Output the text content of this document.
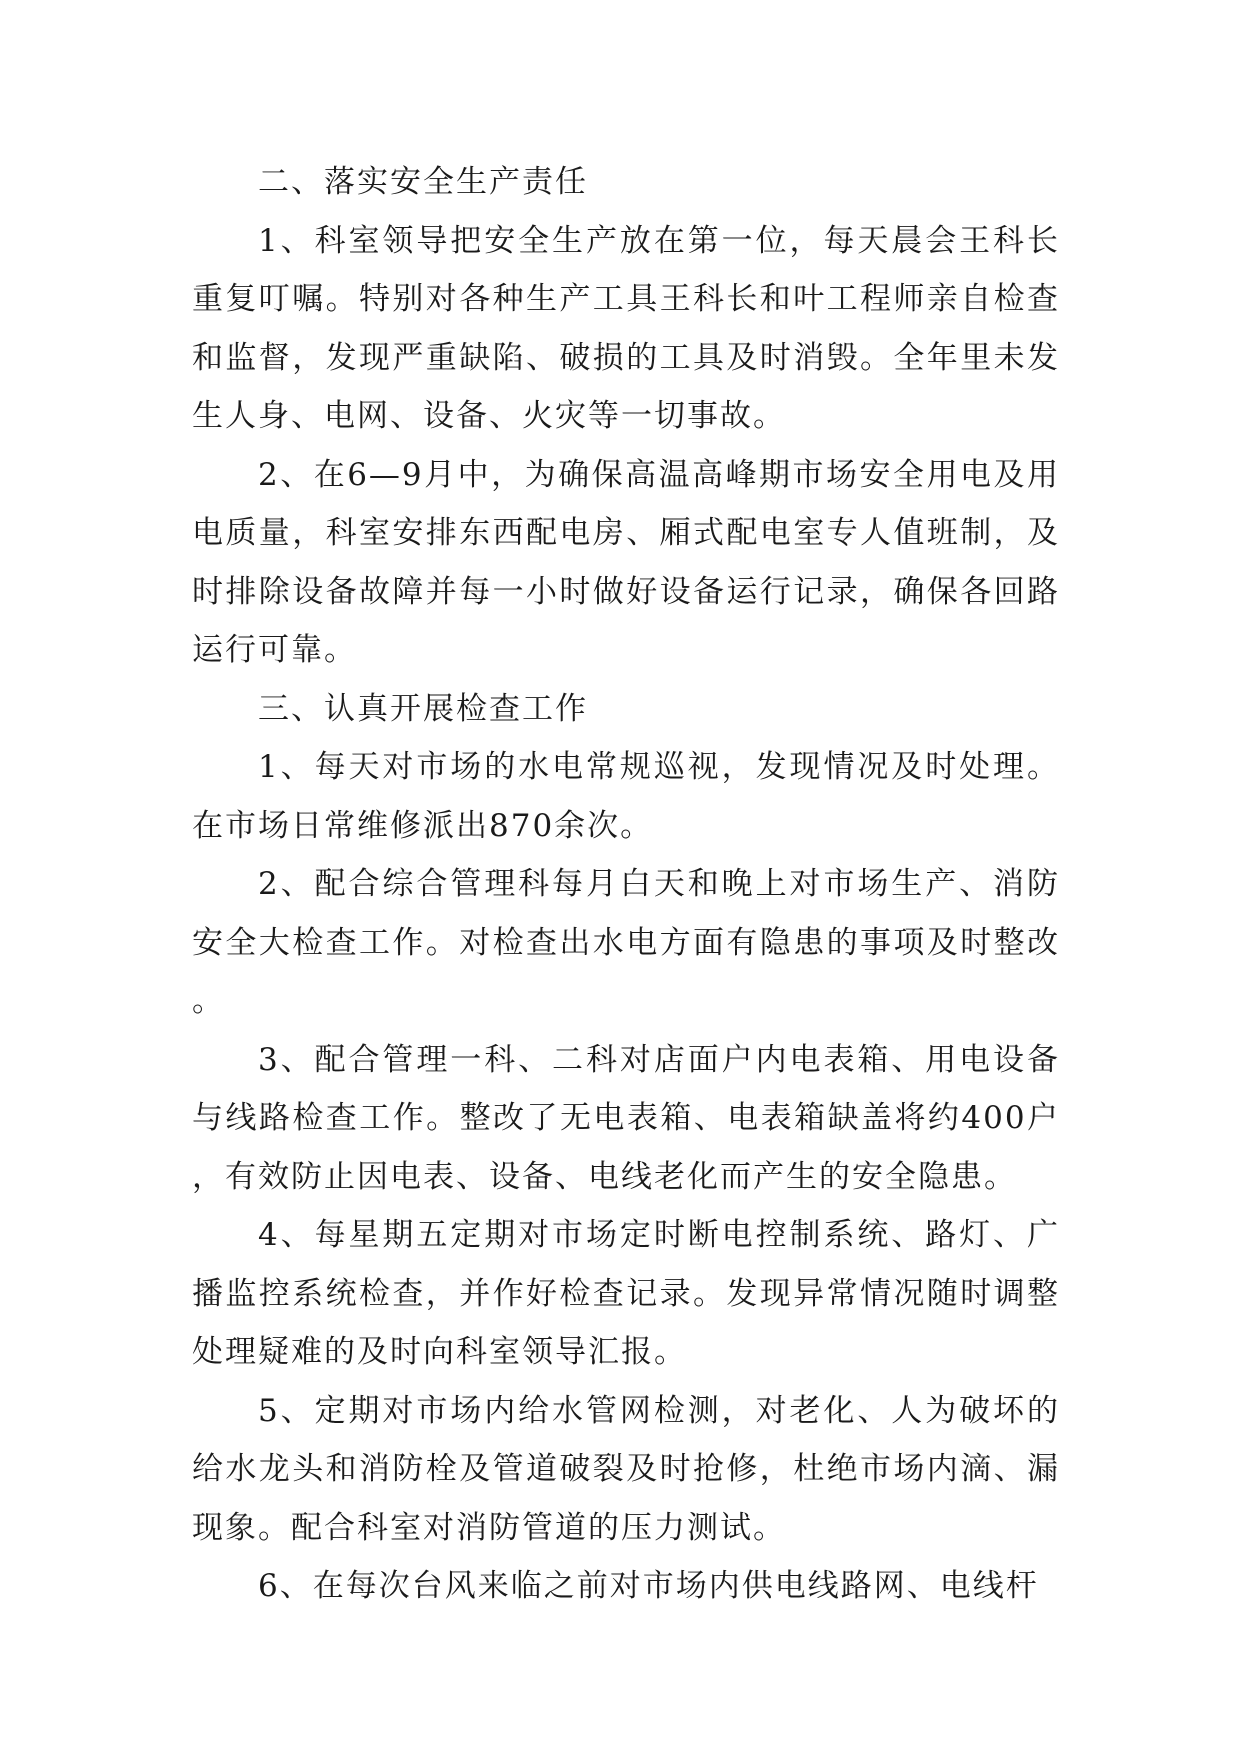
二、落实安全生产责任

1、科室领导把安全生产放在第一位，每天晨会王科长重复叮嘱。特别对各种生产工具王科长和叶工程师亲自检查和监督，发现严重缺陷、破损的工具及时消毁。全年里未发生人身、电网、设备、火灾等一切事故。

2、在6—9月中，为确保高温高峰期市场安全用电及用电质量，科室安排东西配电房、厢式配电室专人值班制，及时排除设备故障并每一小时做好设备运行记录，确保各回路运行可靠。

三、认真开展检查工作

1、每天对市场的水电常规巡视，发现情况及时处理。在市场日常维修派出870余次。

2、配合综合管理科每月白天和晚上对市场生产、消防安全大检查工作。对检查出水电方面有隐患的事项及时整改。

3、配合管理一科、二科对店面户内电表箱、用电设备与线路检查工作。整改了无电表箱、电表箱缺盖将约400户，有效防止因电表、设备、电线老化而产生的安全隐患。

4、每星期五定期对市场定时断电控制系统、路灯、广播监控系统检查，并作好检查记录。发现异常情况随时调整处理疑难的及时向科室领导汇报。

5、定期对市场内给水管网检测，对老化、人为破坏的给水龙头和消防栓及管道破裂及时抢修，杜绝市场内滴、漏现象。配合科室对消防管道的压力测试。

6、在每次台风来临之前对市场内供电线路网、电线杆
